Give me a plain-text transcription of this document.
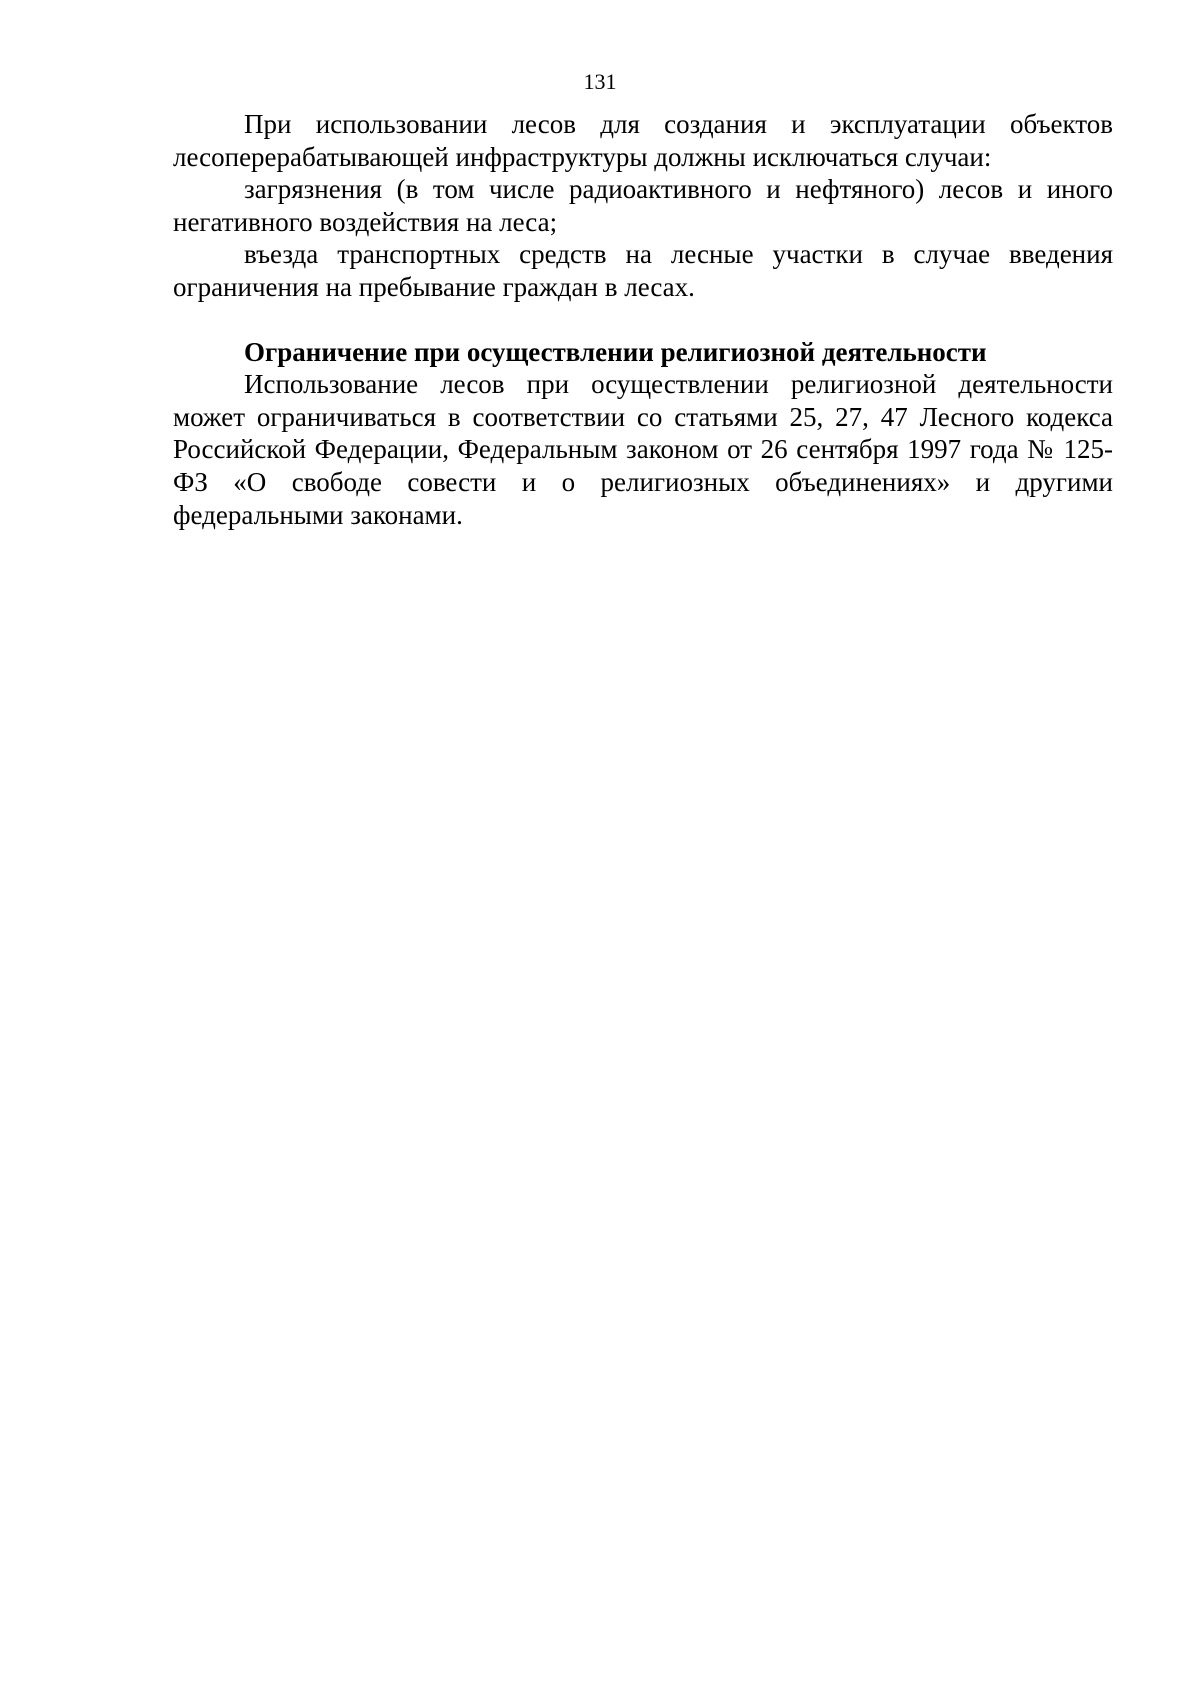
131

При использовании лесов для создания и эксплуатации объектов лесоперерабатывающей инфраструктуры должны исключаться случаи:

загрязнения (в том числе радиоактивного и нефтяного) лесов и иного негативного воздействия на леса;

въезда транспортных средств на лесные участки в случае введения ограничения на пребывание граждан в лесах.

Ограничение при осуществлении религиозной деятельности

Использование лесов при осуществлении религиозной деятельности может ограничиваться в соответствии со статьями 25, 27, 47 Лесного кодекса Российской Федерации, Федеральным законом от 26 сентября 1997 года № 125-ФЗ «О свободе совести и о религиозных объединениях» и другими федеральными законами.
